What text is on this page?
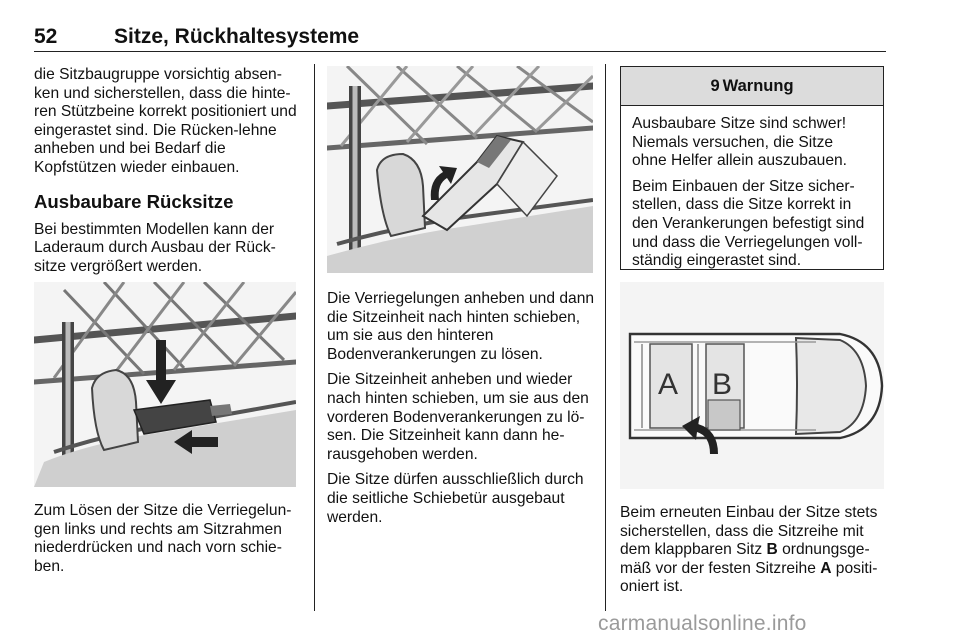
52	Sitze, Rückhaltesysteme

die Sitzbaugruppe vorsichtig absen-ken und sicherstellen, dass die hinte-ren Stützbeine korrekt positioniert und eingerastet sind. Die Rücken-lehne anheben und bei Bedarf die Kopfstützen wieder einbauen.

Ausbaubare Rücksitze

Bei bestimmten Modellen kann der Laderaum durch Ausbau der Rück-sitze vergrößert werden.

Zum Lösen der Sitze die Verriegelun-gen links und rechts am Sitzrahmen niederdrücken und nach vorn schie-ben.

Die Verriegelungen anheben und dann die Sitzeinheit nach hinten schieben, um sie aus den hinteren Bodenverankerungen zu lösen.

Die Sitzeinheit anheben und wieder nach hinten schieben, um sie aus den vorderen Bodenverankerungen zu lö-sen. Die Sitzeinheit kann dann he-rausgehoben werden.

Die Sitze dürfen ausschließlich durch die seitliche Schiebetür ausgebaut werden.

9 Warnung

Ausbaubare Sitze sind schwer! Niemals versuchen, die Sitze ohne Helfer allein auszubauen.

Beim Einbauen der Sitze sicher-stellen, dass die Sitze korrekt in den Verankerungen befestigt sind und dass die Verriegelungen voll-ständig eingerastet sind.

A B

Beim erneuten Einbau der Sitze stets sicherstellen, dass die Sitzreihe mit dem klappbaren Sitz B ordnungsge-mäß vor der festen Sitzreihe A positi-oniert ist.

carmanualsonline.info
